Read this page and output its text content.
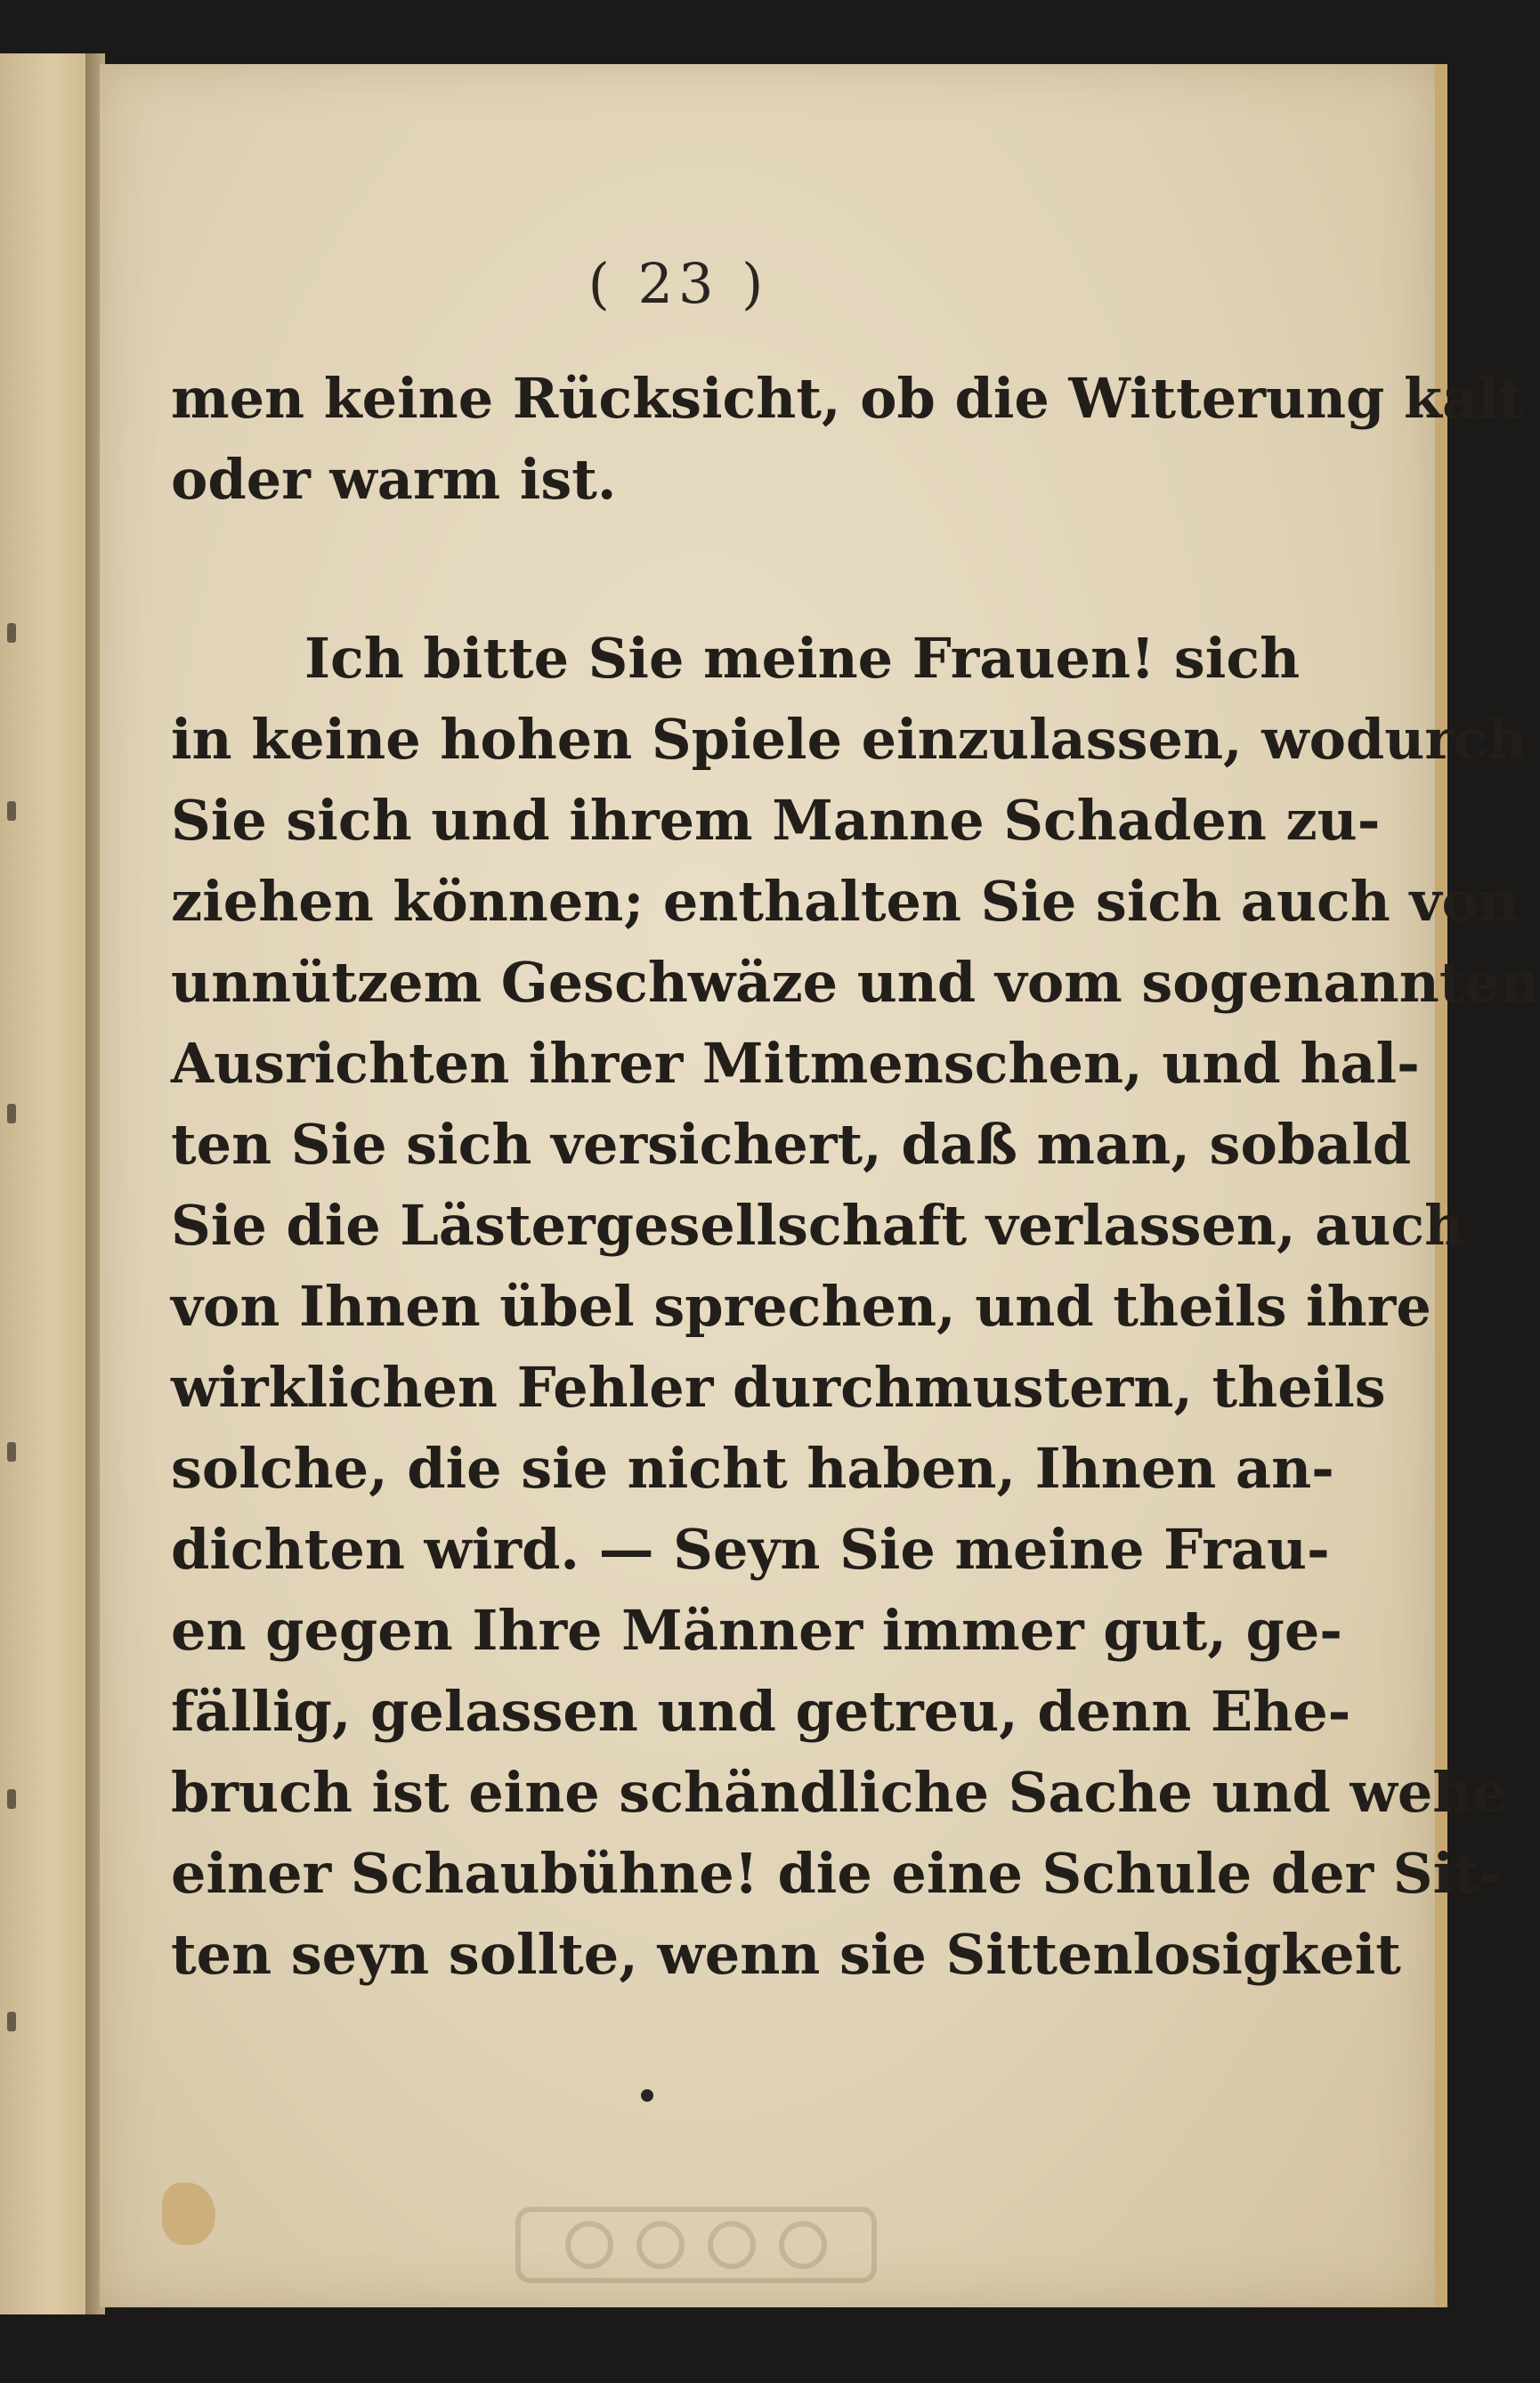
( 23 )
men keine Rücksicht, ob die Witterung kalt
oder warm ist.
Ich bitte Sie meine Frauen! sich
in keine hohen Spiele einzulassen, wodurch
Sie sich und ihrem Manne Schaden zu-
ziehen können; enthalten Sie sich auch von
unnützem Geschwäze und vom sogenannten
Ausrichten ihrer Mitmenschen, und hal-
ten Sie sich versichert, daß man, sobald
Sie die Lästergesellschaft verlassen, auch
von Ihnen übel sprechen, und theils ihre
wirklichen Fehler durchmustern, theils
solche, die sie nicht haben, Ihnen an-
dichten wird. — Seyn Sie meine Frau-
en gegen Ihre Männer immer gut, ge-
fällig, gelassen und getreu, denn Ehe-
bruch ist eine schändliche Sache und wehe
einer Schaubühne! die eine Schule der Sit-
ten seyn sollte, wenn sie Sittenlosigkeit
